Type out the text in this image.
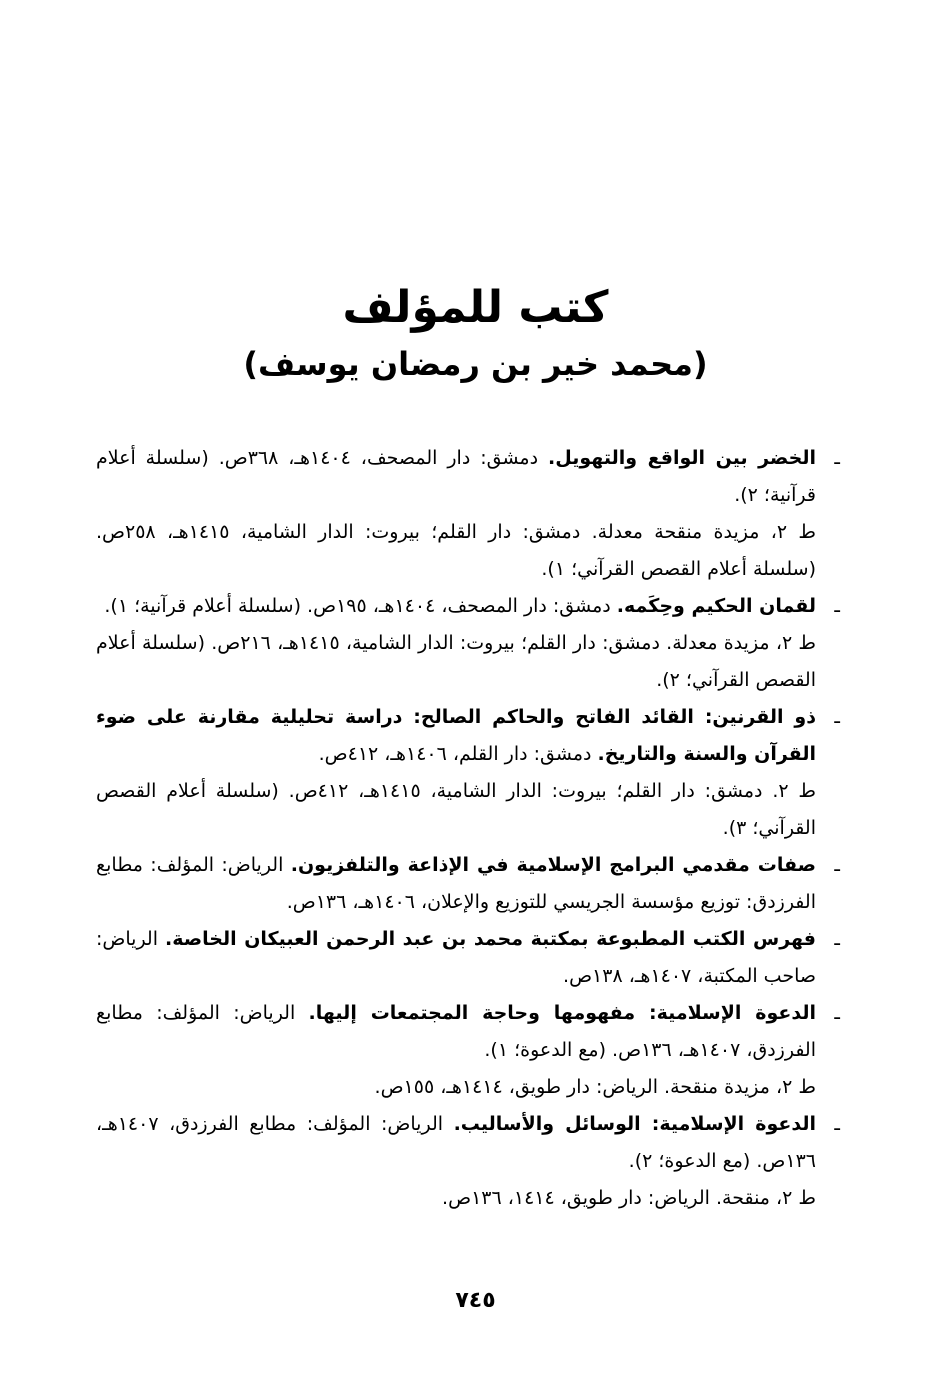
كتب للمؤلف
(محمد خير بن رمضان يوسف)

ـ
الخضر بين الواقع والتهويل. دمشق: دار المصحف، ١٤٠٤هـ، ٣٦٨ص. (سلسلة أعلام قرآنية؛ ٢).

ط ٢، مزيدة منقحة معدلة. دمشق: دار القلم؛ بيروت: الدار الشامية، ١٤١٥هـ، ٢٥٨ص. (سلسلة أعلام القصص القرآني؛ ١).

ـ
لقمان الحكيم وحِكَمه. دمشق: دار المصحف، ١٤٠٤هـ، ١٩٥ص. (سلسلة أعلام قرآنية؛ ١).

ط ٢، مزيدة معدلة. دمشق: دار القلم؛ بيروت: الدار الشامية، ١٤١٥هـ، ٢١٦ص. (سلسلة أعلام القصص القرآني؛ ٢).

ـ
ذو القرنين: القائد الفاتح والحاكم الصالح: دراسة تحليلية مقارنة على ضوء القرآن والسنة والتاريخ. دمشق: دار القلم، ١٤٠٦هـ، ٤١٢ص.

ط ٢. دمشق: دار القلم؛ بيروت: الدار الشامية، ١٤١٥هـ، ٤١٢ص. (سلسلة أعلام القصص القرآني؛ ٣).

ـ
صفات مقدمي البرامج الإسلامية في الإذاعة والتلفزيون. الرياض: المؤلف: مطابع الفرزدق: توزيع مؤسسة الجريسي للتوزيع والإعلان، ١٤٠٦هـ، ١٣٦ص.

ـ
فهرس الكتب المطبوعة بمكتبة محمد بن عبد الرحمن العبيكان الخاصة. الرياض: صاحب المكتبة، ١٤٠٧هـ، ١٣٨ص.

ـ
الدعوة الإسلامية: مفهومها وحاجة المجتمعات إليها. الرياض: المؤلف: مطابع الفرزدق، ١٤٠٧هـ، ١٣٦ص. (مع الدعوة؛ ١).

ط ٢، مزيدة منقحة. الرياض: دار طويق، ١٤١٤هـ، ١٥٥ص.

ـ
الدعوة الإسلامية: الوسائل والأساليب. الرياض: المؤلف: مطابع الفرزدق، ١٤٠٧هـ، ١٣٦ص. (مع الدعوة؛ ٢).

ط ٢، منقحة. الرياض: دار طويق، ١٤١٤، ١٣٦ص.

٧٤٥
